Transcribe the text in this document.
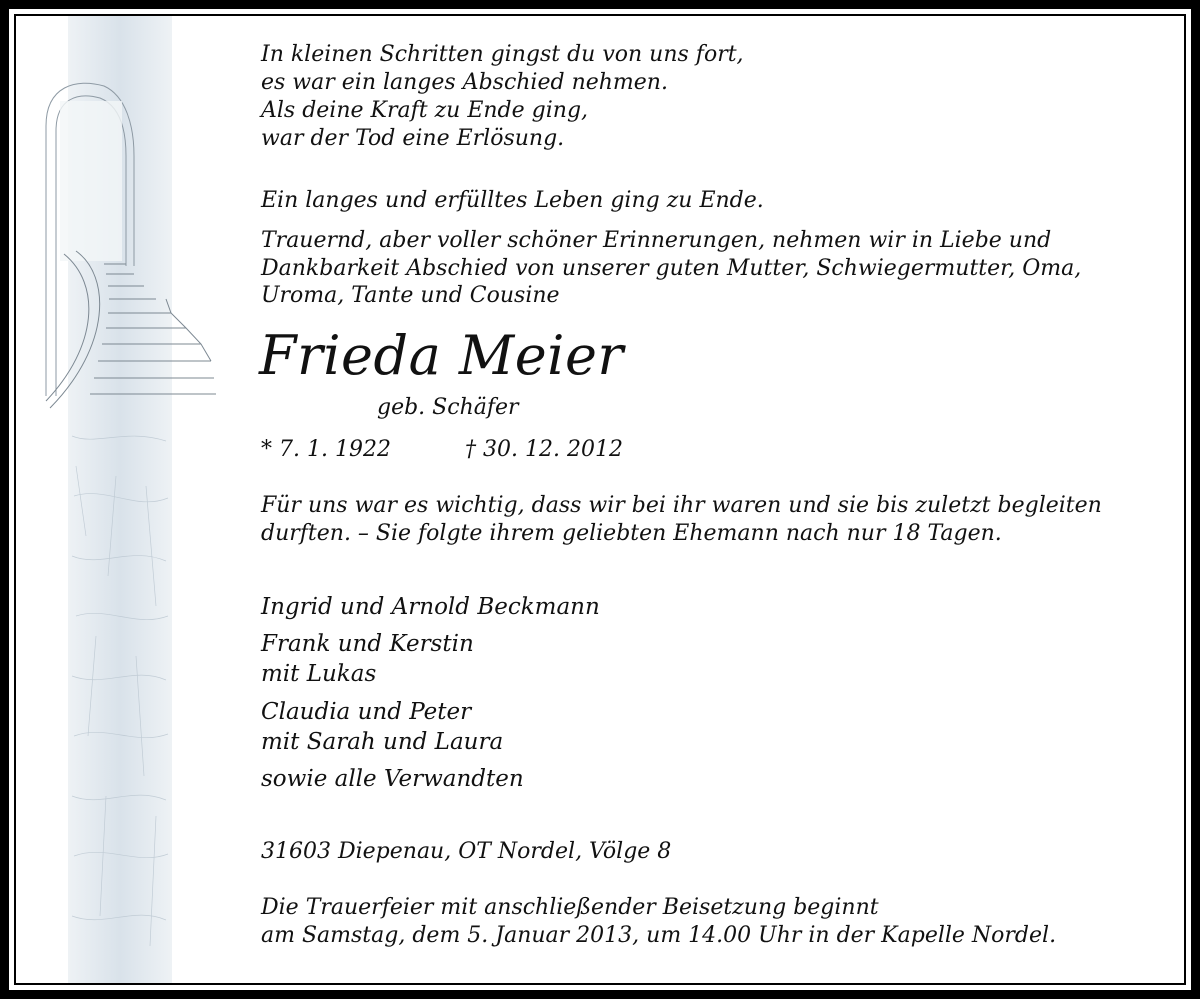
In kleinen Schritten gingst du von uns fort,
es war ein langes Abschied nehmen.
Als deine Kraft zu Ende ging,
war der Tod eine Erlösung.
Ein langes und erfülltes Leben ging zu Ende.
Trauernd, aber voller schöner Erinnerungen, nehmen wir in Liebe und
Dankbarkeit Abschied von unserer guten Mutter, Schwiegermutter, Oma,
Uroma, Tante und Cousine
Frieda Meier
geb. Schäfer
* 7. 1. 1922	† 30. 12. 2012
Für uns war es wichtig, dass wir bei ihr waren und sie bis zuletzt begleiten
durften. – Sie folgte ihrem geliebten Ehemann nach nur 18 Tagen.
Ingrid und Arnold Beckmann
Frank und Kerstin
mit Lukas
Claudia und Peter
mit Sarah und Laura
sowie alle Verwandten
31603 Diepenau, OT Nordel, Völge 8
Die Trauerfeier mit anschließender Beisetzung beginnt
am Samstag, dem 5. Januar 2013, um 14.00 Uhr in der Kapelle Nordel.
